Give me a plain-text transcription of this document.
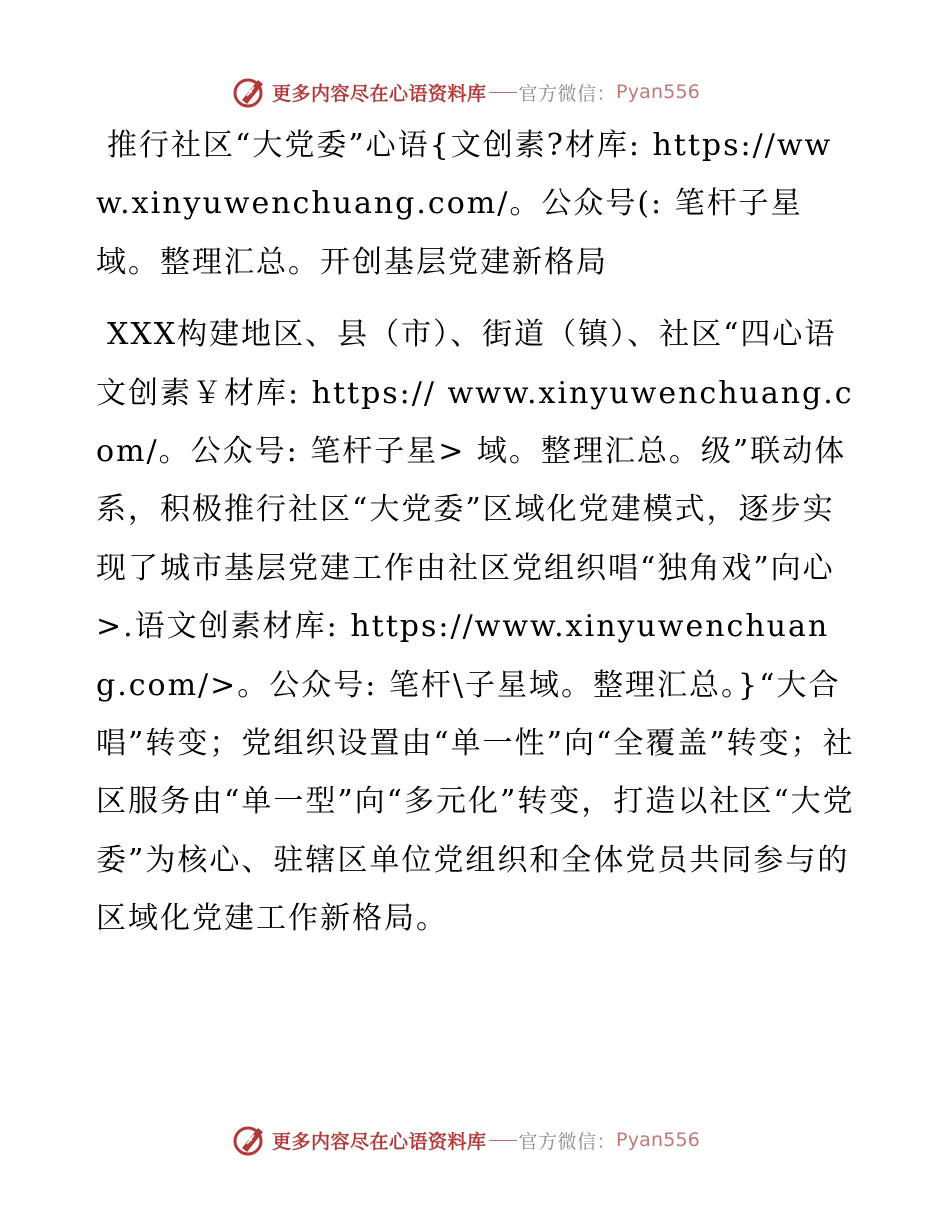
更多内容尽在心语资料库 官方微信： Pyan556

推行社区“大党委”心语{文创素?材库: https://www.xinyuwenchuang.com/。公众号(: 笔杆子星域。整理汇总。开创基层党建新格局

XXX构建地区、县（市）、街道（镇）、社区“四心语文创素￥材库: https:// www.xinyuwenchuang.com/。公众号: 笔杆子星> 域。整理汇总。级”联动体系，积极推行社区“大党委”区域化党建模式，逐步实现了城市基层党建工作由社区党组织唱“独角戏”向心>.语文创素材库: https://www.xinyuwenchuang.com/>。公众号: 笔杆\子星域。整理汇总。}“大合唱”转变；党组织设置由“单一性”向“全覆盖”转变；社区服务由“单一型”向“多元化”转变，打造以社区“大党委”为核心、驻辖区单位党组织和全体党员共同参与的区域化党建工作新格局。

更多内容尽在心语资料库 官方微信： Pyan556
